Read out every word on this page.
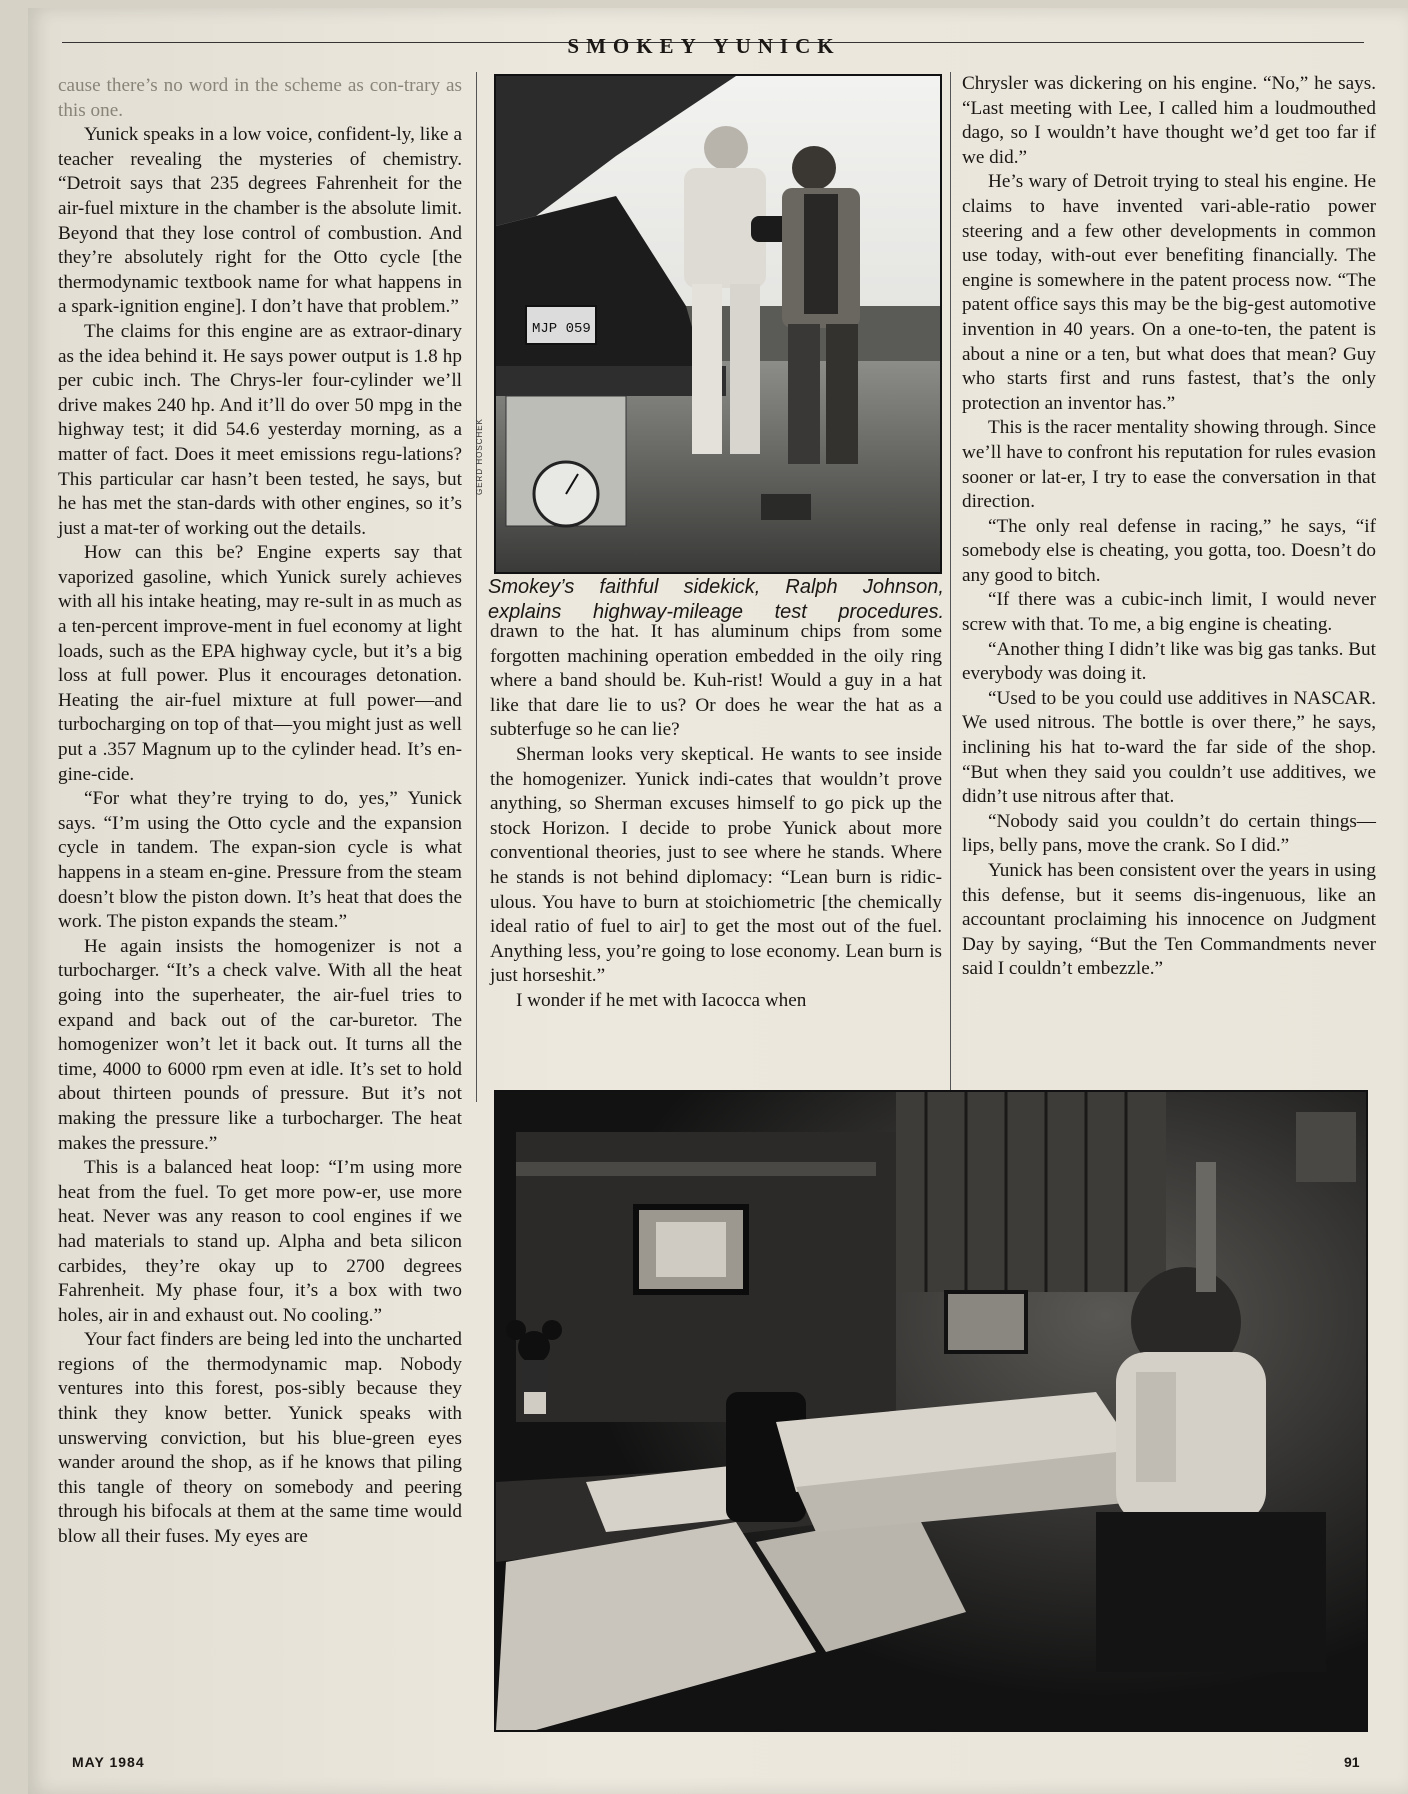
SMOKEY YUNICK

cause there’s no word in the scheme as con-trary as this one.

Yunick speaks in a low voice, confident-ly, like a teacher revealing the mysteries of chemistry. “Detroit says that 235 degrees Fahrenheit for the air-fuel mixture in the chamber is the absolute limit. Beyond that they lose control of combustion. And they’re absolutely right for the Otto cycle [the thermodynamic textbook name for what happens in a spark-ignition engine]. I don’t have that problem.”

The claims for this engine are as extraor-dinary as the idea behind it. He says power output is 1.8 hp per cubic inch. The Chrys-ler four-cylinder we’ll drive makes 240 hp. And it’ll do over 50 mpg in the highway test; it did 54.6 yesterday morning, as a matter of fact. Does it meet emissions regu-lations? This particular car hasn’t been tested, he says, but he has met the stan-dards with other engines, so it’s just a mat-ter of working out the details.

How can this be? Engine experts say that vaporized gasoline, which Yunick surely achieves with all his intake heating, may re-sult in as much as a ten-percent improve-ment in fuel economy at light loads, such as the EPA highway cycle, but it’s a big loss at full power. Plus it encourages detonation. Heating the air-fuel mixture at full power—and turbocharging on top of that—you might just as well put a .357 Magnum up to the cylinder head. It’s en-gine-cide.

“For what they’re trying to do, yes,” Yunick says. “I’m using the Otto cycle and the expansion cycle in tandem. The expan-sion cycle is what happens in a steam en-gine. Pressure from the steam doesn’t blow the piston down. It’s heat that does the work. The piston expands the steam.”

He again insists the homogenizer is not a turbocharger. “It’s a check valve. With all the heat going into the superheater, the air-fuel tries to expand and back out of the car-buretor. The homogenizer won’t let it back out. It turns all the time, 4000 to 6000 rpm even at idle. It’s set to hold about thirteen pounds of pressure. But it’s not making the pressure like a turbocharger. The heat makes the pressure.”

This is a balanced heat loop: “I’m using more heat from the fuel. To get more pow-er, use more heat. Never was any reason to cool engines if we had materials to stand up. Alpha and beta silicon carbides, they’re okay up to 2700 degrees Fahrenheit. My phase four, it’s a box with two holes, air in and exhaust out. No cooling.”

Your fact finders are being led into the uncharted regions of the thermodynamic map. Nobody ventures into this forest, pos-sibly because they think they know better. Yunick speaks with unswerving conviction, but his blue-green eyes wander around the shop, as if he knows that piling this tangle of theory on somebody and peering through his bifocals at them at the same time would blow all their fuses. My eyes are

MJP 059
GERD HOSCHEK
Smokey’s faithful sidekick, Ralph Johnson, explains highway-mileage test procedures.

drawn to the hat. It has aluminum chips from some forgotten machining operation embedded in the oily ring where a band should be. Kuh-rist! Would a guy in a hat like that dare lie to us? Or does he wear the hat as a subterfuge so he can lie?

Sherman looks very skeptical. He wants to see inside the homogenizer. Yunick indi-cates that wouldn’t prove anything, so Sherman excuses himself to go pick up the stock Horizon. I decide to probe Yunick about more conventional theories, just to see where he stands. Where he stands is not behind diplomacy: “Lean burn is ridic-ulous. You have to burn at stoichiometric [the chemically ideal ratio of fuel to air] to get the most out of the fuel. Anything less, you’re going to lose economy. Lean burn is just horseshit.”

I wonder if he met with Iacocca when

Chrysler was dickering on his engine. “No,” he says. “Last meeting with Lee, I called him a loudmouthed dago, so I wouldn’t have thought we’d get too far if we did.”

He’s wary of Detroit trying to steal his engine. He claims to have invented vari-able-ratio power steering and a few other developments in common use today, with-out ever benefiting financially. The engine is somewhere in the patent process now. “The patent office says this may be the big-gest automotive invention in 40 years. On a one-to-ten, the patent is about a nine or a ten, but what does that mean? Guy who starts first and runs fastest, that’s the only protection an inventor has.”

This is the racer mentality showing through. Since we’ll have to confront his reputation for rules evasion sooner or lat-er, I try to ease the conversation in that direction.

“The only real defense in racing,” he says, “if somebody else is cheating, you gotta, too. Doesn’t do any good to bitch.

“If there was a cubic-inch limit, I would never screw with that. To me, a big engine is cheating.

“Another thing I didn’t like was big gas tanks. But everybody was doing it.

“Used to be you could use additives in NASCAR. We used nitrous. The bottle is over there,” he says, inclining his hat to-ward the far side of the shop. “But when they said you couldn’t use additives, we didn’t use nitrous after that.

“Nobody said you couldn’t do certain things—lips, belly pans, move the crank. So I did.”

Yunick has been consistent over the years in using this defense, but it seems dis-ingenuous, like an accountant proclaiming his innocence on Judgment Day by saying, “But the Ten Commandments never said I couldn’t embezzle.”

MAY 1984	91
